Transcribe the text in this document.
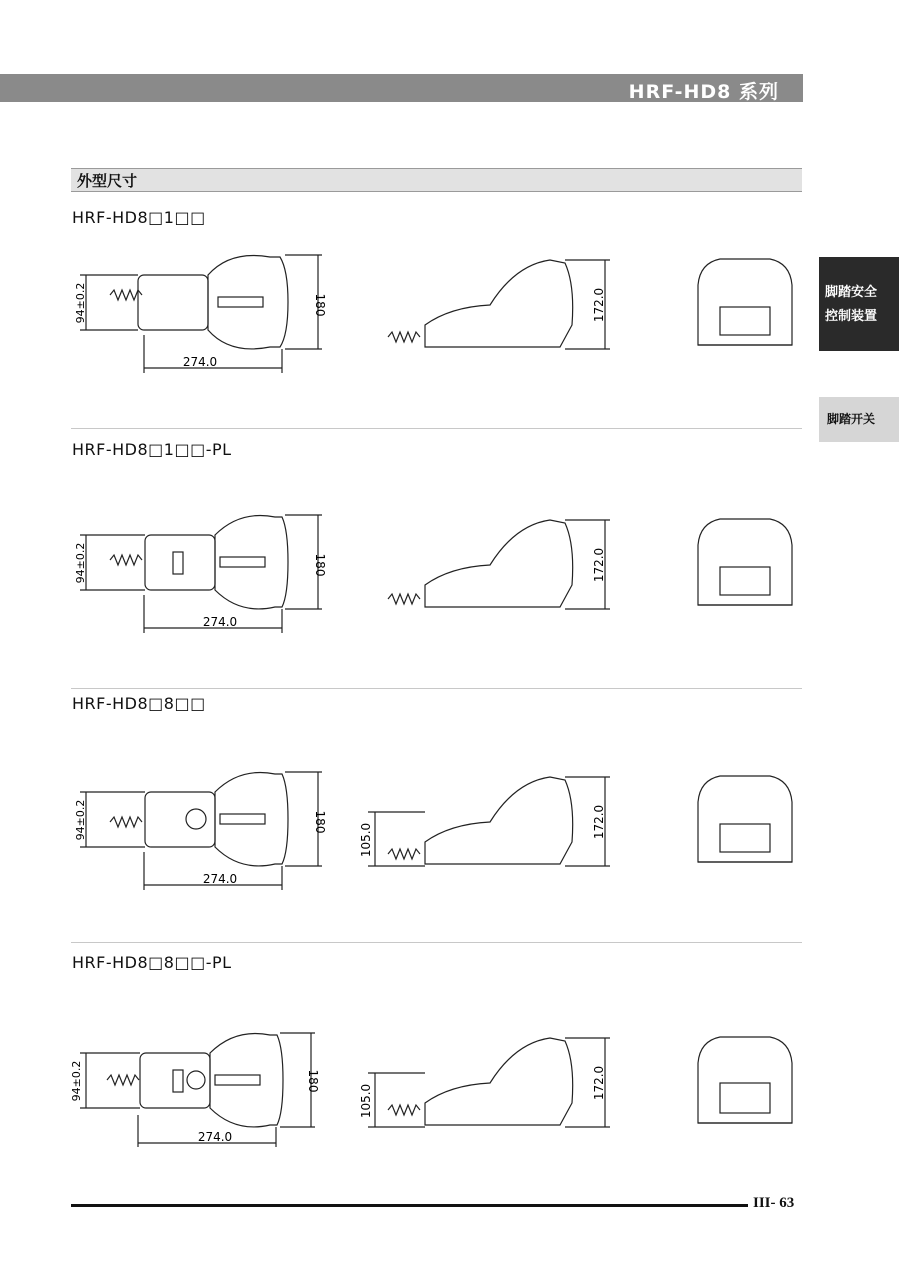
HRF-HD8 系列
外型尺寸
脚踏安全
控制装置
脚踏开关
HRF-HD8□1□□
274.0
180
94±0.2	172.0
HRF-HD8□1□□-PL
274.0
180
94±0.2	172.0
HRF-HD8□8□□
274.0
180
94±0.2	105.0
172.0
HRF-HD8□8□□-PL
274.0
180
94±0.2	105.0
172.0
III- 63
